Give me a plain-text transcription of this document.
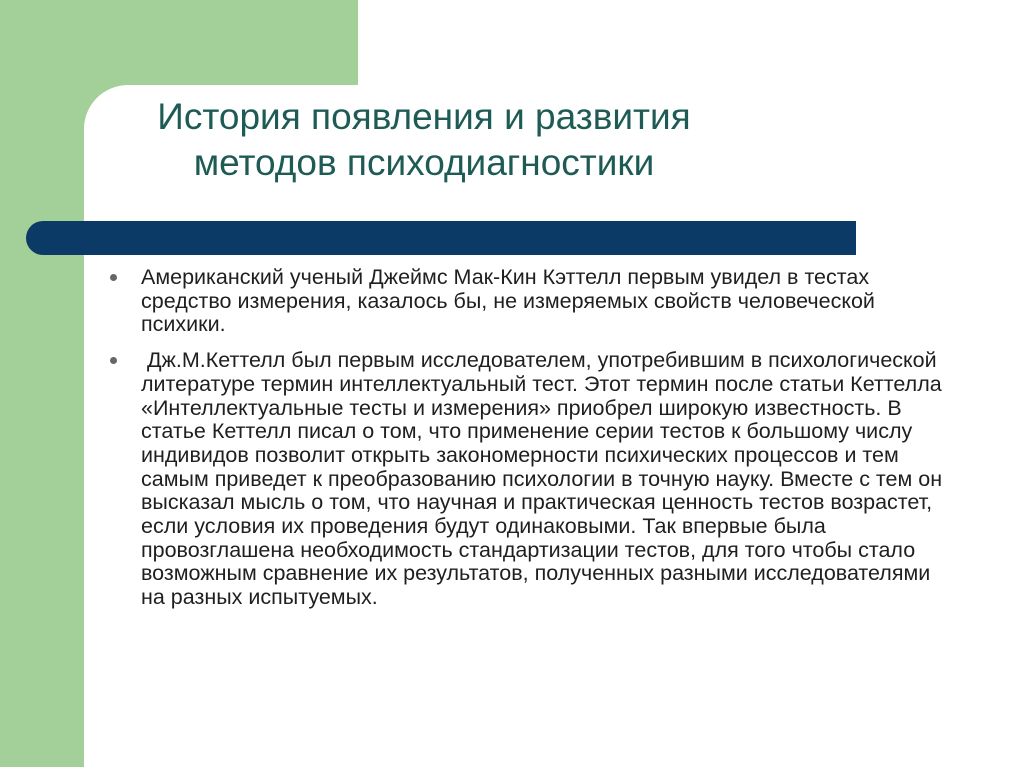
История появления и развития
методов психодиагностики
Американский ученый Джеймс Мак-Кин Кэттелл первым увидел в тестах средство измерения, казалось бы, не измеряемых свойств человеческой психики.
Дж.М.Кеттелл был первым исследователем, употребившим в психологической литературе термин интеллектуальный тест. Этот термин после статьи Кеттелла «Интеллектуальные тесты и измерения» приобрел широкую известность. В статье Кеттелл писал о том, что применение серии тестов к большому числу индивидов позволит открыть закономерности психических процессов и тем самым приведет к преобразованию психологии в точную науку. Вместе с тем он высказал мысль о том, что научная и практическая ценность тестов возрастет, если условия их проведения будут одинаковыми. Так впервые была провозглашена необходимость стандартизации тестов, для того чтобы стало возможным сравнение их результатов, полученных разными исследователями на разных испытуемых.
